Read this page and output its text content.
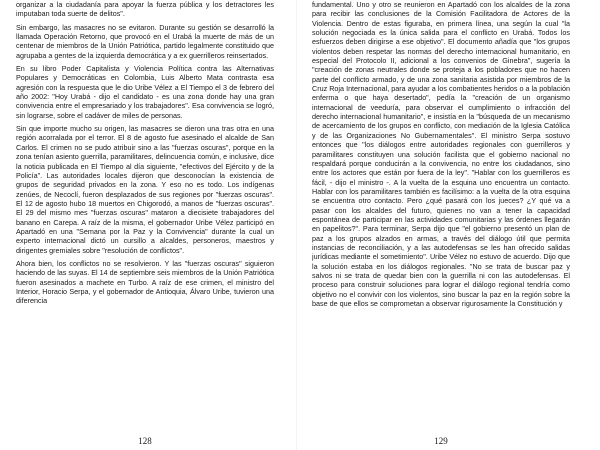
organizar a la ciudadanía para apoyar la fuerza pública y los detractores les imputaban toda suerte de delitos".

Sin embargo, las masacres no se evitaron. Durante su gestión se desarrolló la llamada Operación Retorno, que provocó en el Urabá la muerte de más de un centenar de miembros de la Unión Patriótica, partido legalmente constituido que agrupaba a gentes de la izquierda democrática y a ex guerrilleros reinsertados.

En su libro Poder Capitalista y Violencia Política contra las Alternativas Populares y Democráticas en Colombia, Luis Alberto Mata contrasta esa agresión con la respuesta que le dio Uribe Vélez a El Tiempo el 3 de febrero del año 2002: "Hoy Urabá - dijo el candidato - es una zona donde hay una gran convivencia entre el empresariado y los trabajadores". Esa convivencia se logró, sin lograrse, sobre el cadáver de miles de personas.

Sin que importe mucho su origen, las masacres se dieron una tras otra en una región acorralada por el terror. El 8 de agosto fue asesinado el alcalde de San Carlos. El crimen no se pudo atribuir sino a las "fuerzas oscuras", porque en la zona tenían asiento guerrilla, paramilitares, delincuencia común, e inclusive, dice la noticia publicada en El Tiempo al día siguiente, "efectivos del Ejército y de la Policía". Las autoridades locales dijeron que desconocían la existencia de grupos de seguridad privados en la zona. Y eso no es todo. Los indígenas zenúes, de Necoclí, fueron desplazados de sus regiones por "fuerzas oscuras". El 12 de agosto hubo 18 muertos en Chigorodó, a manos de "fuerzas oscuras". El 29 del mismo mes "fuerzas oscuras" mataron a diecisiete trabajadores del banano en Carepa. A raíz de la misma, el gobernador Uribe Vélez participó en Apartadó en una "Semana por la Paz y la Convivencia" durante la cual un experto internacional dictó un cursillo a alcaldes, personeros, maestros y dirigentes gremiales sobre "resolución de conflictos".

Ahora bien, los conflictos no se resolvieron. Y las "fuerzas oscuras" siguieron haciendo de las suyas. El 14 de septiembre seis miembros de la Unión Patriótica fueron asesinados a machete en Turbo. A raíz de ese crimen, el ministro del Interior, Horacio Serpa, y el gobernador de Antioquia, Álvaro Uribe, tuvieron una diferencia

128

fundamental. Uno y otro se reunieron en Apartadó con los alcaldes de la zona para recibir las conclusiones de la Comisión Facilitadora de Actores de la Violencia. Dentro de estas figuraba, en primera línea, una según la cual "la solución negociada es la única salida para el conflicto en Urabá. Todos los esfuerzos deben dirigirse a ese objetivo". El documento añadía que "los grupos violentos deben respetar las normas del derecho internacional humanitario, en especial del Protocolo II, adicional a los convenios de Ginebra", sugería la "creación de zonas neutrales donde se proteja a los pobladores que no hacen parte del conflicto armado, y de una zona sanitaria asistida por miembros de la Cruz Roja Internacional, para ayudar a los combatientes heridos o a la población enferma o que haya desertado", pedía la "creación de un organismo internacional de veeduría, para observar el cumplimiento o infracción del derecho internacional humanitario", e insistía en la "búsqueda de un mecanismo de acercamiento de los grupos en conflicto, con mediación de la Iglesia Católica y de las Organizaciones No Gubernamentales". El ministro Serpa sostuvo entonces que "los diálogos entre autoridades regionales con guerrilleros y paramilitares constituyen una solución facilista que el gobierno nacional no respaldará porque conducirán a la convivencia, no entre los ciudadanos, sino entre los actores que están por fuera de la ley". "Hablar con los guerrilleros es fácil, - dijo el ministro -. A la vuelta de la esquina uno encuentra un contacto. Hablar con los paramilitares también es facilísimo: a la vuelta de la otra esquina se encuentra otro contacto. Pero ¿qué pasará con los jueces? ¿Y qué va a pasar con los alcaldes del futuro, quienes no van a tener la capacidad espontánea de participar en las actividades comunitarias y las órdenes llegarán en papelitos?". Para terminar, Serpa dijo que "el gobierno presentó un plan de paz a los grupos alzados en armas, a través del diálogo útil que permita instancias de reconciliación, y a las autodefensas se les han ofrecido salidas jurídicas mediante el sometimiento". Uribe Vélez no estuvo de acuerdo. Dijo que la solución estaba en los diálogos regionales. "No se trata de buscar paz y salvos ni se trata de quedar bien con la guerrilla ni con las autodefensas. El proceso para construir soluciones para lograr el diálogo regional tendría como objetivo no el convivir con los violentos, sino buscar la paz en la región sobre la base de que ellos se comprometan a observar rigurosamente la Constitución y

129
